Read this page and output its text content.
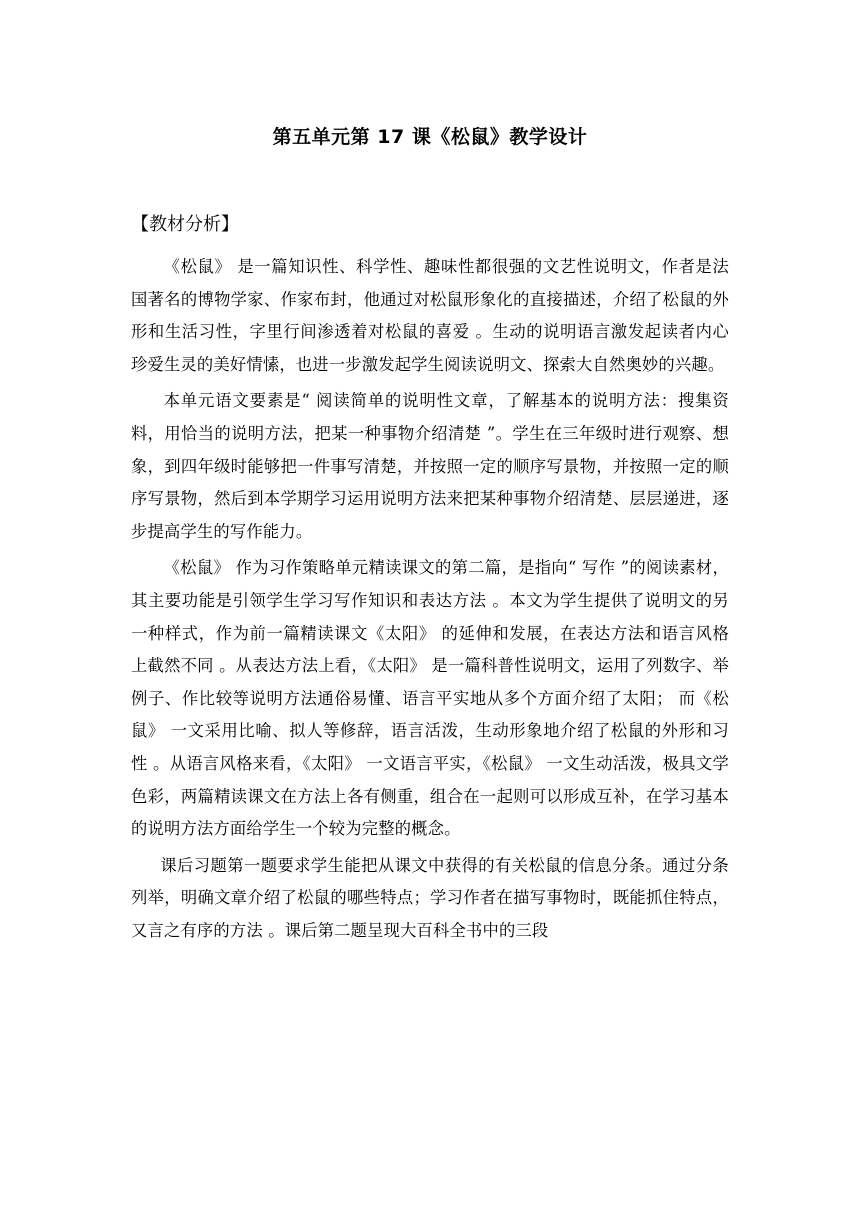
第五单元第 17 课《松鼠》教学设计
【教材分析】

《松鼠》 是一篇知识性、科学性、趣味性都很强的文艺性说明文，作者是法国著名的博物学家、作家布封，他通过对松鼠形象化的直接描述，介绍了松鼠的外形和生活习性，字里行间渗透着对松鼠的喜爱 。生动的说明语言激发起读者内心珍爱生灵的美好情愫，也进一步激发起学生阅读说明文、探索大自然奥妙的兴趣。

本单元语文要素是“ 阅读简单的说明性文章，了解基本的说明方法：搜集资料，用恰当的说明方法，把某一种事物介绍清楚 ”。学生在三年级时进行观察、想象，到四年级时能够把一件事写清楚，并按照一定的顺序写景物，并按照一定的顺序写景物，然后到本学期学习运用说明方法来把某种事物介绍清楚、层层递进，逐步提高学生的写作能力。

《松鼠》 作为习作策略单元精读课文的第二篇，是指向“ 写作 ”的阅读素材，其主要功能是引领学生学习写作知识和表达方法 。本文为学生提供了说明文的另一种样式，作为前一篇精读课文《太阳》 的延伸和发展，在表达方法和语言风格上截然不同 。从表达方法上看，《太阳》 是一篇科普性说明文，运用了列数字、举例子、作比较等说明方法通俗易懂、语言平实地从多个方面介绍了太阳； 而《松鼠》 一文采用比喻、拟人等修辞，语言活泼，生动形象地介绍了松鼠的外形和习性 。从语言风格来看，《太阳》 一文语言平实，《松鼠》 一文生动活泼，极具文学色彩，两篇精读课文在方法上各有侧重，组合在一起则可以形成互补，在学习基本的说明方法方面给学生一个较为完整的概念。

课后习题第一题要求学生能把从课文中获得的有关松鼠的信息分条。通过分条列举，明确文章介绍了松鼠的哪些特点；学习作者在描写事物时，既能抓住特点，又言之有序的方法 。课后第二题呈现大百科全书中的三段
